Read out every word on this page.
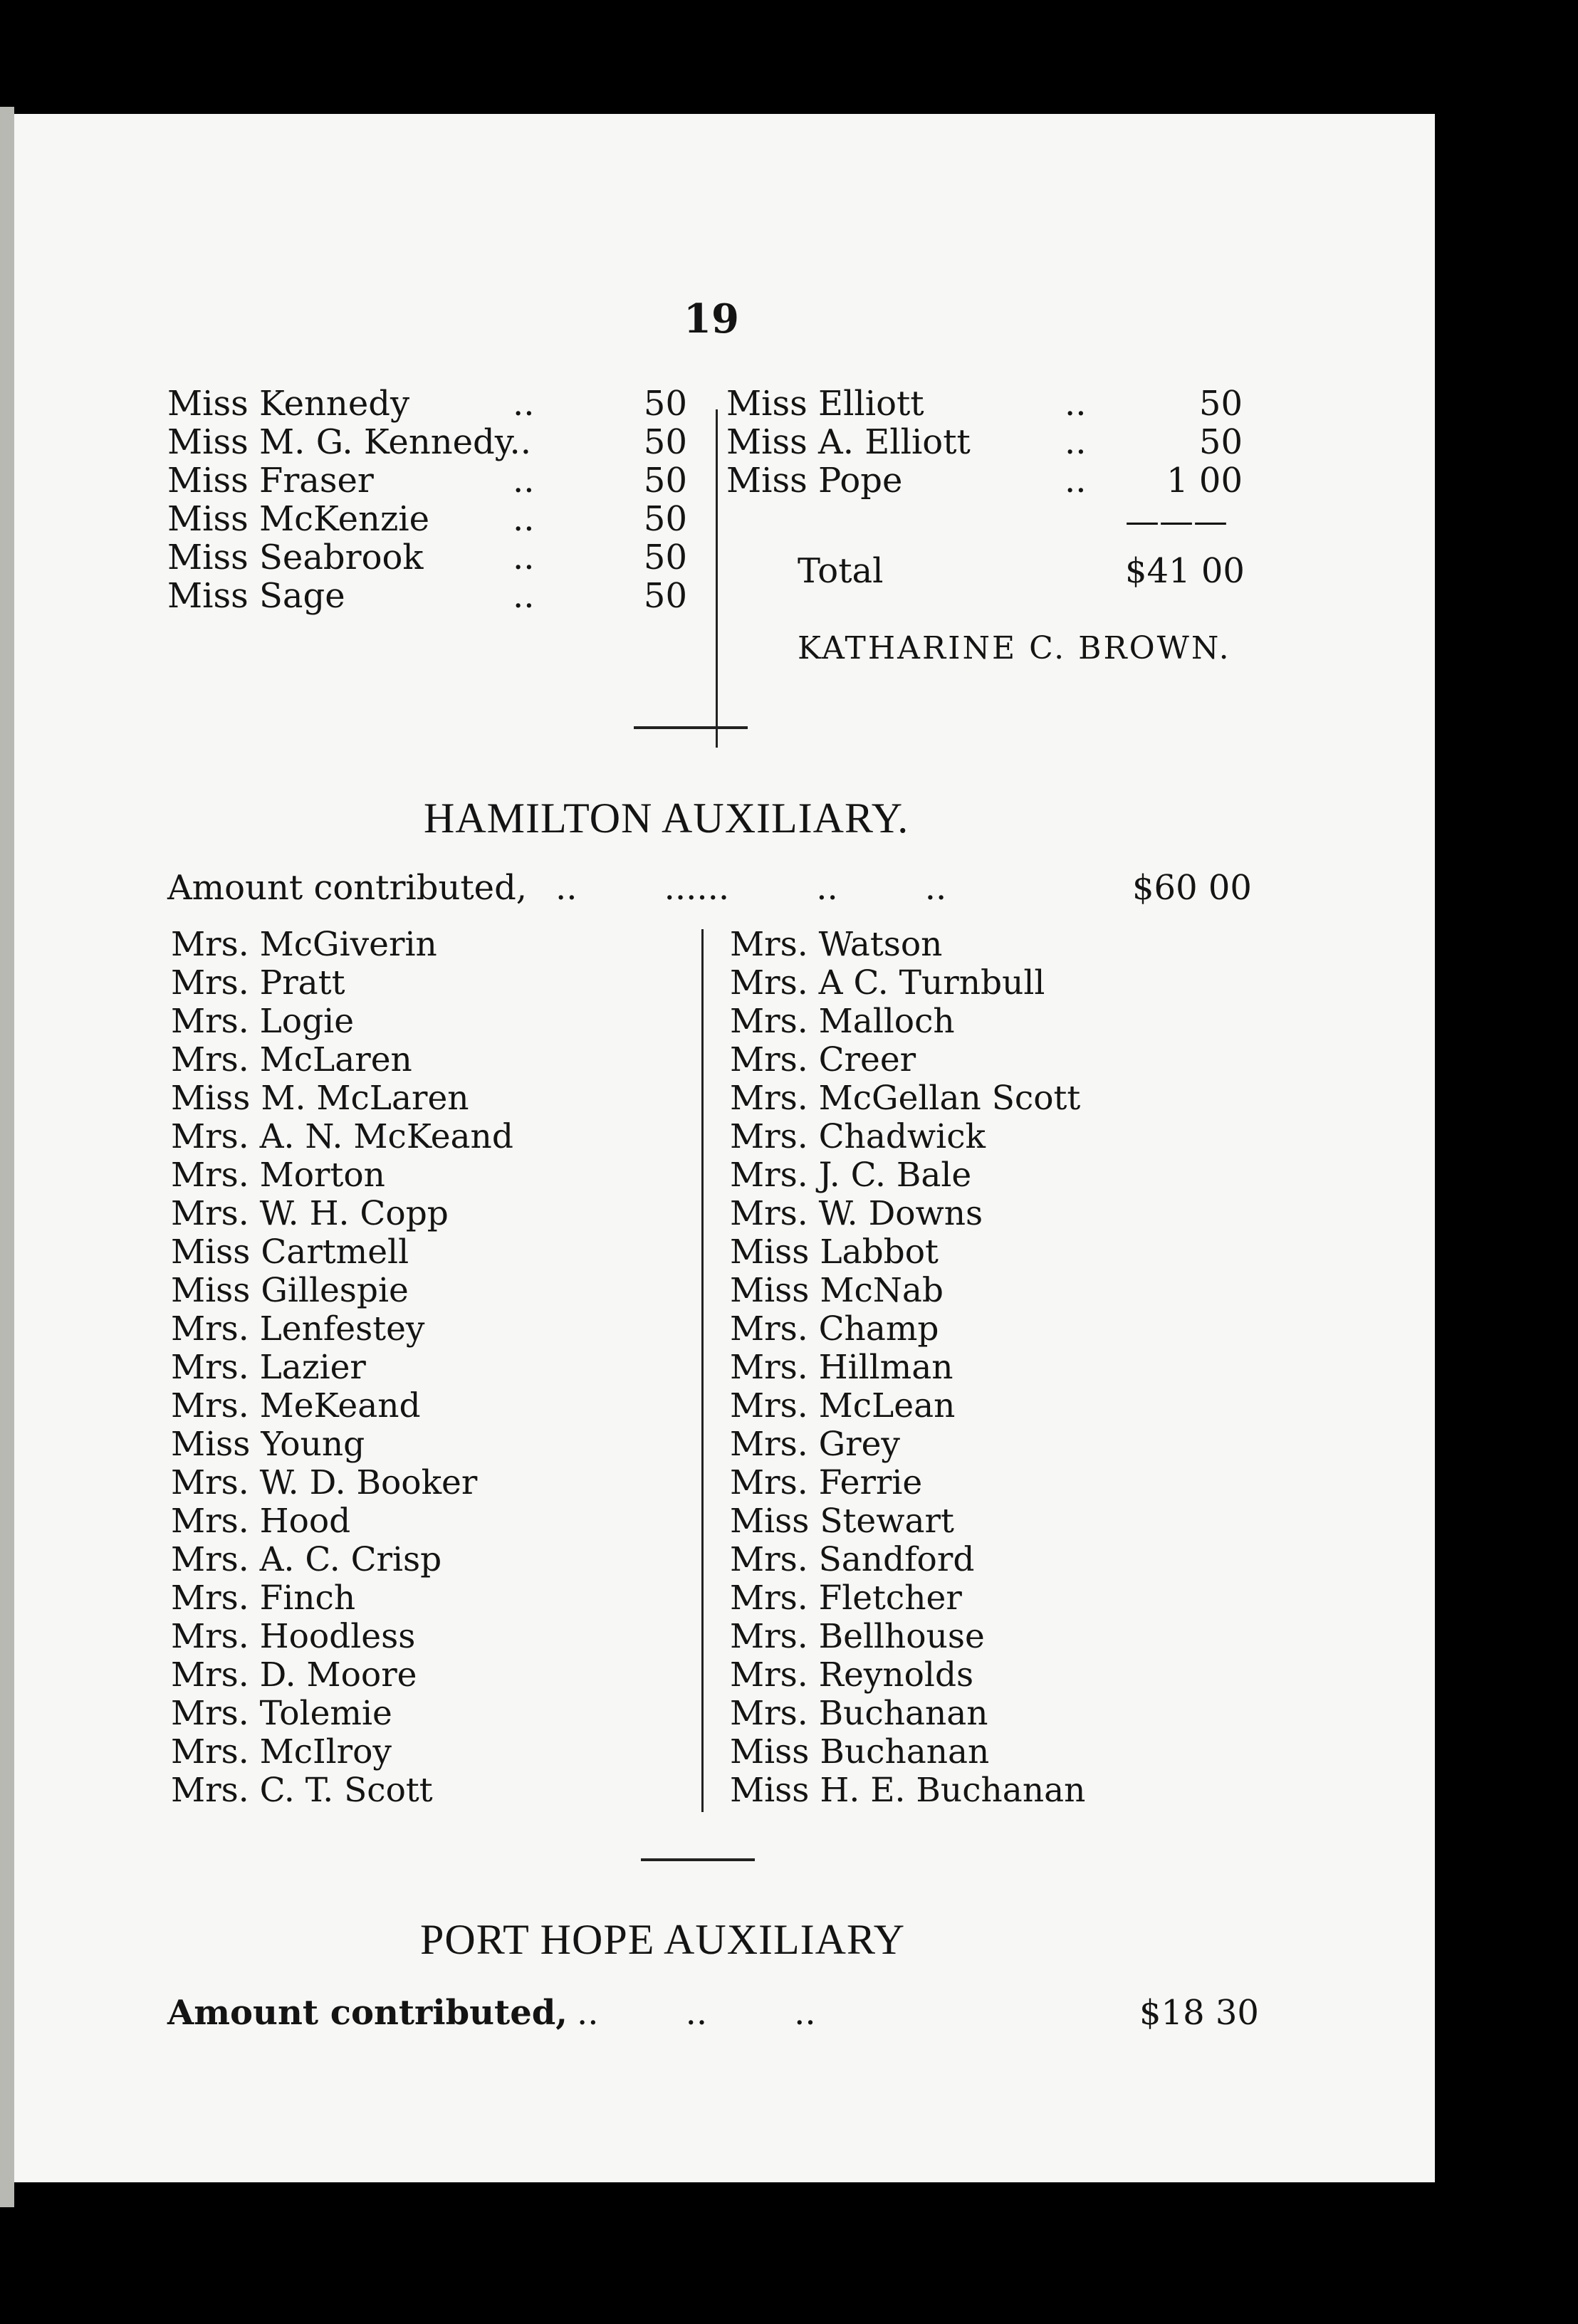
19
Miss Kennedy	..	50
Miss M. G. Kennedy..	50
Miss Fraser	..	50
Miss McKenzie ..	50
Miss Seabrook	..	50
Miss Sage	..	50
Miss Elliott	..	50
Miss A. Elliott	..	50
Miss Pope	.. 1 00
———
Total	$41 00
KATHARINE C. BROWN.
HAMILTON AUXILIARY.
Amount contributed, ..        ......        ..        ..	$60 00
Mrs. McGiverin
Mrs. Pratt
Mrs. Logie
Mrs. McLaren
Miss M. McLaren
Mrs. A. N. McKeand
Mrs. Morton
Mrs. W. H. Copp
Miss Cartmell
Miss Gillespie
Mrs. Lenfestey
Mrs. Lazier
Mrs. MeKeand
Miss Young
Mrs. W. D. Booker
Mrs. Hood
Mrs. A. C. Crisp
Mrs. Finch
Mrs. Hoodless
Mrs. D. Moore
Mrs. Tolemie
Mrs. McIlroy
Mrs. C. T. Scott
Mrs. Watson
Mrs. A C. Turnbull
Mrs. Malloch
Mrs. Creer
Mrs. McGellan Scott
Mrs. Chadwick
Mrs. J. C. Bale
Mrs. W. Downs
Miss Labbot
Miss McNab
Mrs. Champ
Mrs. Hillman
Mrs. McLean
Mrs. Grey
Mrs. Ferrie
Miss Stewart
Mrs. Sandford
Mrs. Fletcher
Mrs. Bellhouse
Mrs. Reynolds
Mrs. Buchanan
Miss Buchanan
Miss H. E. Buchanan
PORT HOPE AUXILIARY
Amount contributed, ..        ..        ..	$18 30
